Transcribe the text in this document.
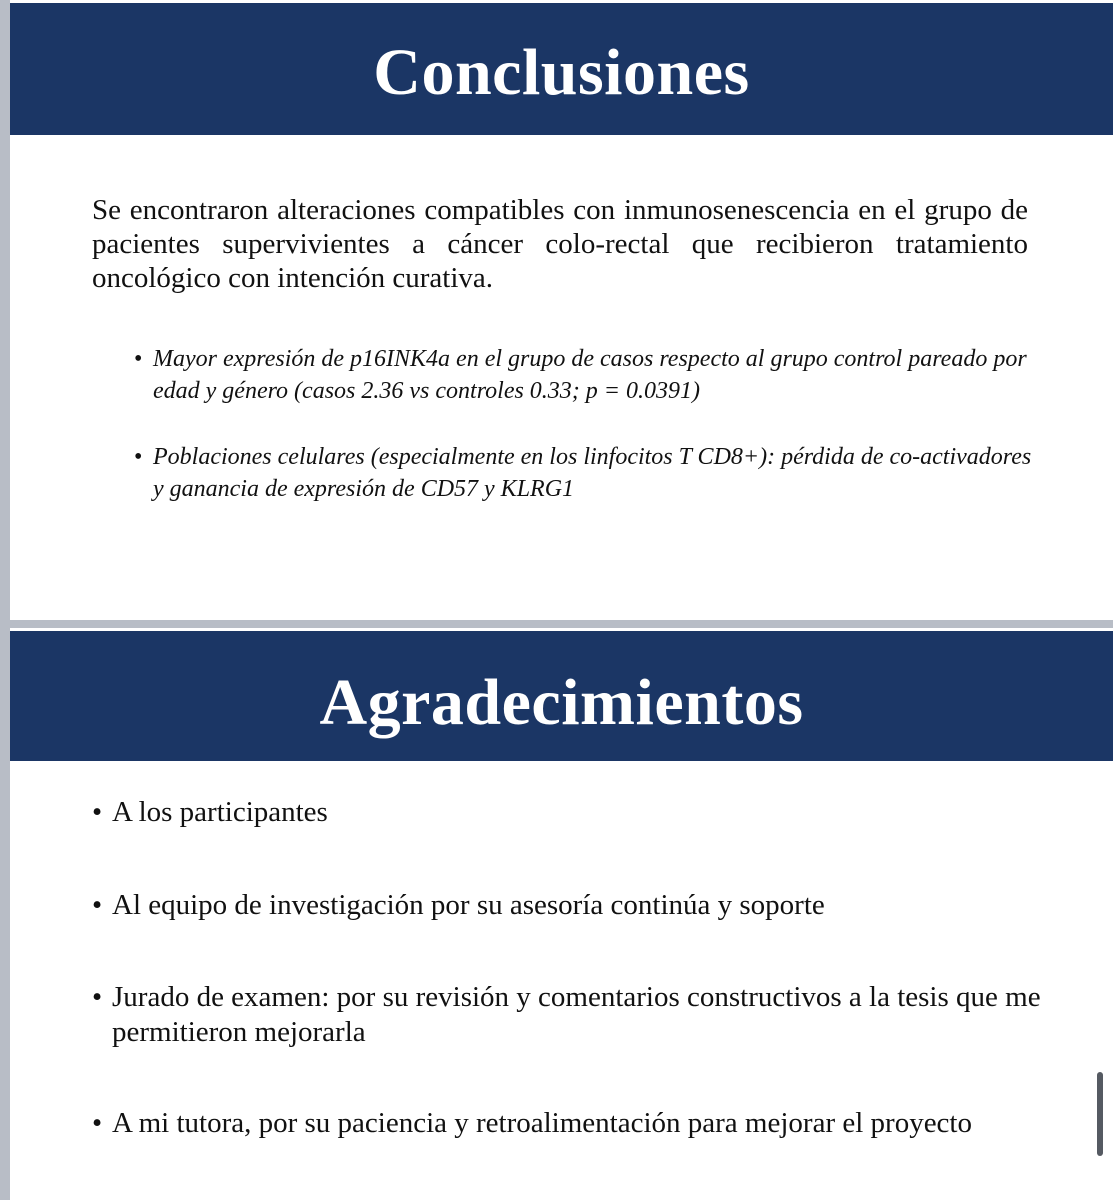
Conclusiones

Se encontraron alteraciones compatibles con inmunosenescencia en el grupo de pacientes supervivientes a cáncer colo-rectal que recibieron tratamiento oncológico con intención curativa.

• Mayor expresión de p16INK4a en el grupo de casos respecto al grupo control pareado por edad y género (casos 2.36 vs controles 0.33; p = 0.0391)
• Poblaciones celulares (especialmente en los linfocitos T CD8+): pérdida de co-activadores y ganancia de expresión de CD57 y KLRG1
Agradecimientos
• A los participantes
• Al equipo de investigación por su asesoría continúa y soporte
• Jurado de examen: por su revisión y comentarios constructivos a la tesis que me permitieron mejorarla
• A mi tutora, por su paciencia y retroalimentación para mejorar el proyecto
